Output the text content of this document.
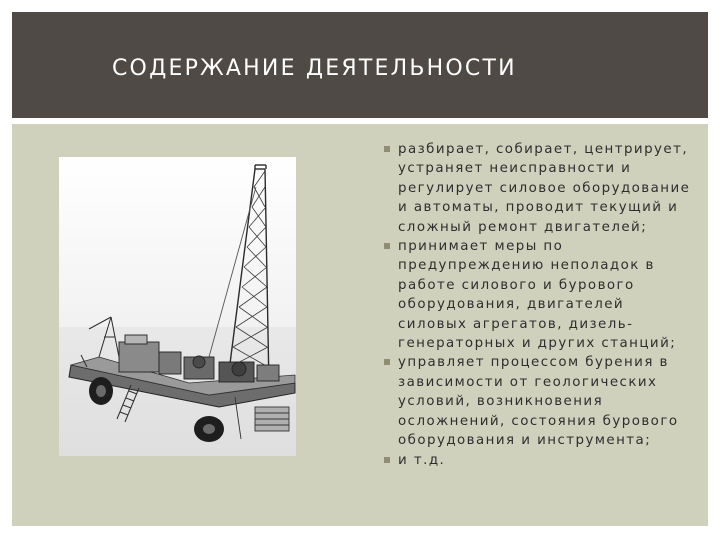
СОДЕРЖАНИЕ ДЕЯТЕЛЬНОСТИ
разбирает, собирает, центрирует, устраняет неисправности и регулирует силовое оборудование и автоматы, проводит текущий и сложный ремонт двигателей;
принимает меры по предупреждению неполадок в работе силового и бурового оборудования, двигателей силовых агрегатов, дизель-генераторных и других станций;
управляет процессом бурения в зависимости от геологических условий, возникновения осложнений, состояния бурового оборудования и инструмента;
и т.д.
